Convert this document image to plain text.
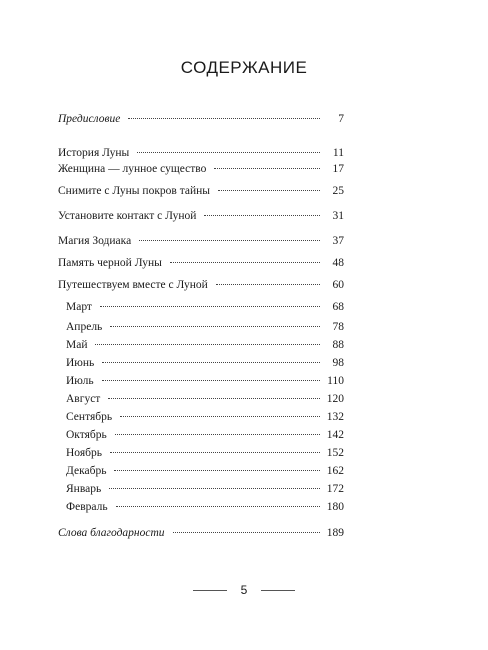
СОДЕРЖАНИЕ
Предисловие	7
История Луны	11
Женщина — лунное существо	17
Снимите с Луны покров тайны	25
Установите контакт с Луной	31
Магия Зодиака	37
Память черной Луны	48
Путешествуем вместе с Луной	60
Март	68
Апрель	78
Май	88
Июнь	98
Июль	110
Август	120
Сентябрь	132
Октябрь	142
Ноябрь	152
Декабрь	162
Январь	172
Февраль	180
Слова благодарности	189
5
